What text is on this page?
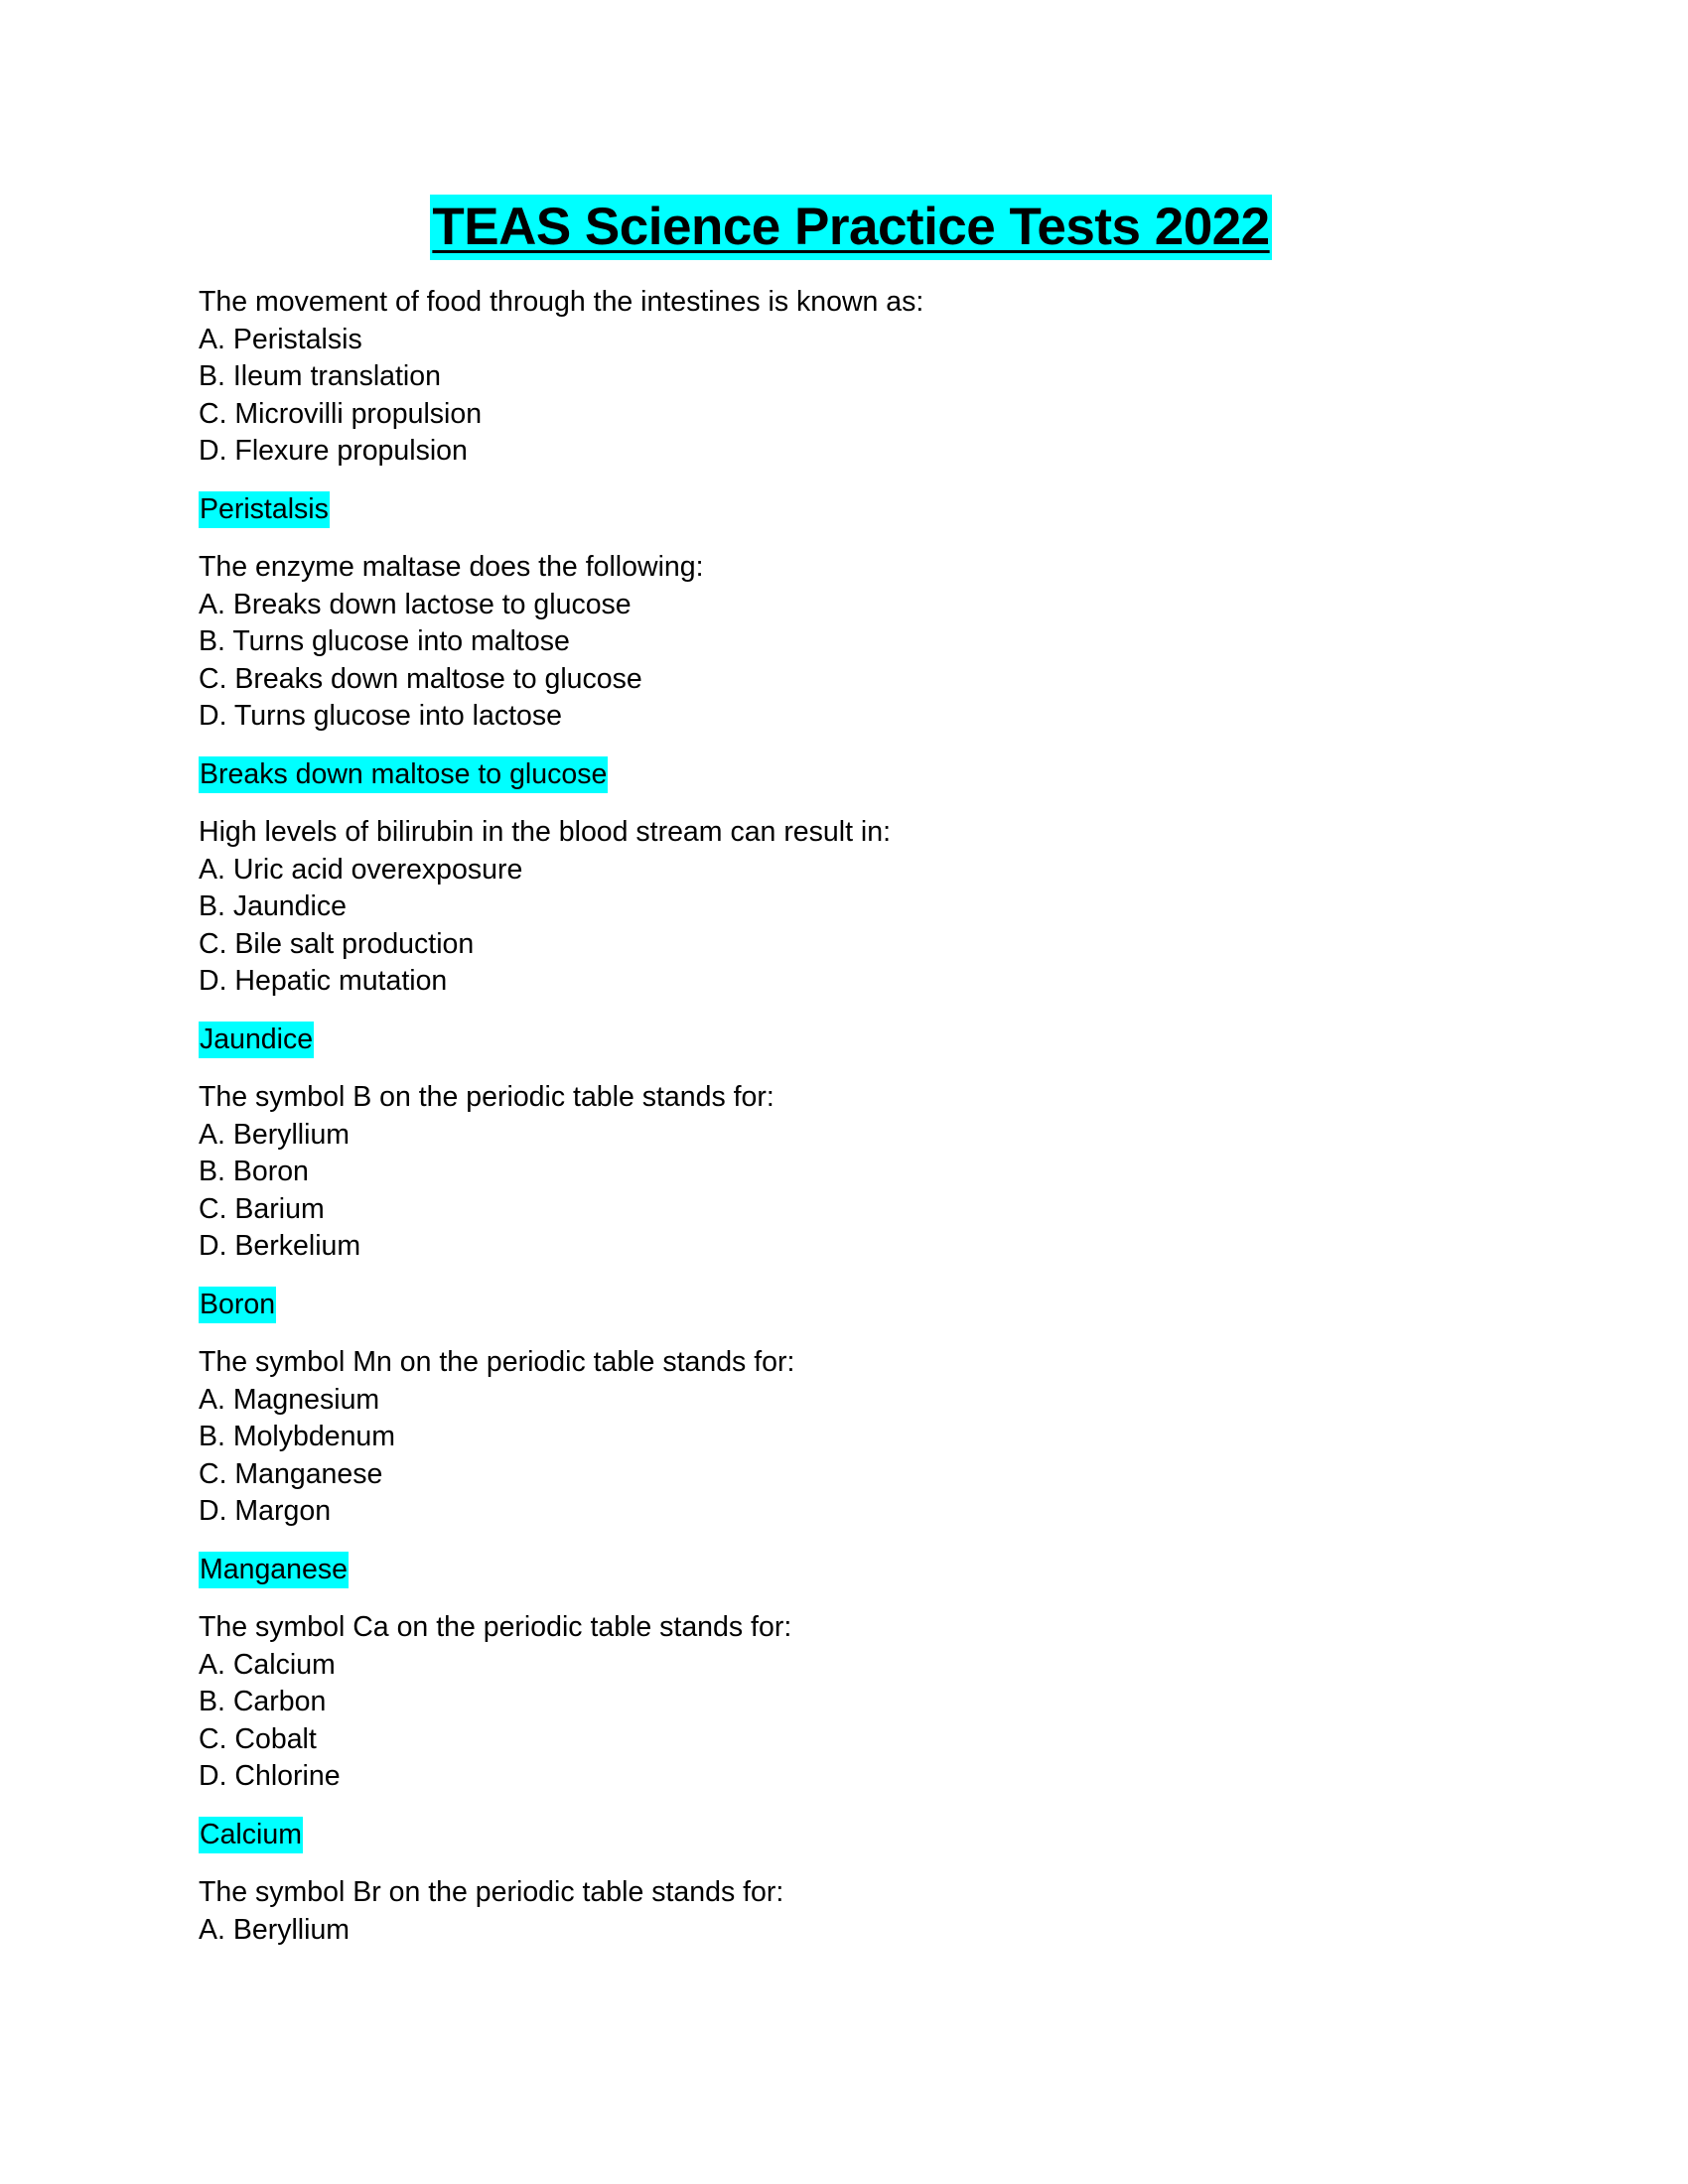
TEAS Science Practice Tests 2022
The movement of food through the intestines is known as:
A. Peristalsis
B. Ileum translation
C. Microvilli propulsion
D. Flexure propulsion
Peristalsis
The enzyme maltase does the following:
A. Breaks down lactose to glucose
B. Turns glucose into maltose
C. Breaks down maltose to glucose
D. Turns glucose into lactose
Breaks down maltose to glucose
High levels of bilirubin in the blood stream can result in:
A. Uric acid overexposure
B. Jaundice
C. Bile salt production
D. Hepatic mutation
Jaundice
The symbol B on the periodic table stands for:
A. Beryllium
B. Boron
C. Barium
D. Berkelium
Boron
The symbol Mn on the periodic table stands for:
A. Magnesium
B. Molybdenum
C. Manganese
D. Margon
Manganese
The symbol Ca on the periodic table stands for:
A. Calcium
B. Carbon
C. Cobalt
D. Chlorine
Calcium
The symbol Br on the periodic table stands for:
A. Beryllium
